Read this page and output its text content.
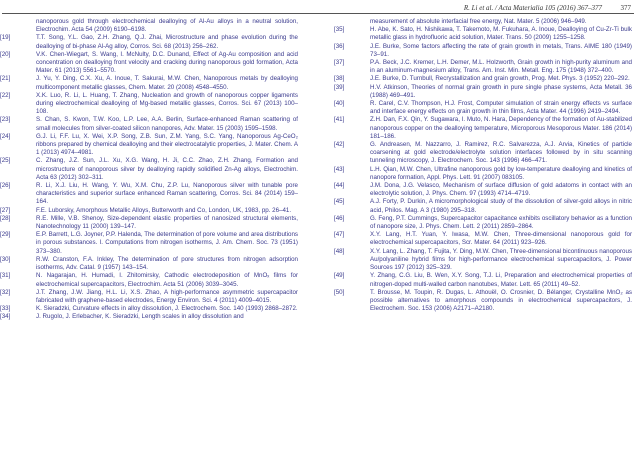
R. Li et al. / Acta Materialia 105 (2016) 367–377	377
nanoporous gold through electrochemical dealloying of Al-Au alloys in a neutral solution, Electrochim. Acta 54 (2009) 6190–6198.
[19]	T.T. Song, Y.L. Gao, Z.H. Zhang, Q.J. Zhai, Microstructure and phase evolution during the dealloying of bi-phase Al-Ag alloy, Corros. Sci. 68 (2013) 256–262.
[20]	V.K. Chen-Wiegart, S. Wang, I. McNulty, D.C. Dunand, Effect of Ag-Au composition and acid concentration on dealloying front velocity and cracking during nanoporous gold formation, Acta Mater. 61 (2013) 5561–5570.
[21]	J. Yu, Y. Ding, C.X. Xu, A. Inoue, T. Sakurai, M.W. Chen, Nanoporous metals by dealloying multicomponent metallic glasses, Chem. Mater. 20 (2008) 4548–4550.
[22]	X.K. Luo, R. Li, L. Huang, T. Zhang, Nucleation and growth of nanoporous copper ligaments during electrochemical dealloying of Mg-based metallic glasses, Corros. Sci. 67 (2013) 100–108.
[23]	S. Chan, S. Kwon, T.W. Koo, L.P. Lee, A.A. Berlin, Surface-enhanced Raman scattering of small molecules from silver-coated silicon nanopores, Adv. Mater. 15 (2003) 1595–1598.
[24]	G.J. Li, F.F. Lu, X. Wei, X.P. Song, Z.B. Sun, Z.M. Yang, S.C. Yang, Nanoporous Ag-CeO₂ ribbons prepared by chemical dealloying and their electrocatalytic properties, J. Mater. Chem. A 1 (2013) 4974–4981.
[25]	C. Zhang, J.Z. Sun, J.L. Xu, X.G. Wang, H. Ji, C.C. Zhao, Z.H. Zhang, Formation and microstructure of nanoporous silver by dealloying rapidly solidified Zn-Ag alloys, Electrochim. Acta 63 (2012) 302–311.
[26]	R. Li, X.J. Liu, H. Wang, Y. Wu, X.M. Chu, Z.P. Lu, Nanoporous silver with tunable pore characteristics and superior surface enhanced Raman scattering, Corros. Sci. 84 (2014) 159–164.
[27]	F.E. Luborsky, Amorphous Metallic Alloys, Butterworth and Co, London, UK, 1983, pp. 26–41.
[28]	R.E. Mille, V.B. Shenoy, Size-dependent elastic properties of nanosized structural elements, Nanotechnology 11 (2000) 139–147.
[29]	E.P. Barrett, L.G. Joyner, P.P. Halenda, The determination of pore volume and area distributions in porous substances. I. Computations from nitrogen isotherms, J. Am. Chem. Soc. 73 (1951) 373–380.
[30]	R.W. Cranston, F.A. Inkley, The determination of pore structures from nitrogen adsorption isotherms, Adv. Catal. 9 (1957) 143–154.
[31]	N. Nagarajan, H. Humadi, I. Zhitomirsky, Cathodic electrodeposition of MnOₓ films for electrochemical supercapacitors, Electrochim. Acta 51 (2006) 3039–3045.
[32]	J.T. Zhang, J.W. Jiang, H.L. Li, X.S. Zhao, A high-performance asymmetric supercapacitor fabricated with graphene-based electrodes, Energy Environ. Sci. 4 (2011) 4009–4015.
[33]	K. Sieradzki, Curvature effects in alloy dissolution, J. Electrochem. Soc. 140 (1993) 2868–2872.
[34]	J. Rugolo, J. Erlebacher, K. Sieradzki, Length scales in alloy dissolution and
measurement of absolute interfacial free energy, Nat. Mater. 5 (2006) 946–949.
[35]	H. Abe, K. Sato, H. Nishikawa, T. Takemoto, M. Fukuhara, A. Inoue, Dealloying of Cu-Zr-Ti bulk metallic glass in hydrofluoric acid solution, Mater. Trans. 50 (2009) 1255–1258.
[36]	J.E. Burke, Some factors affecting the rate of grain growth in metals, Trans. AIME 180 (1949) 73–91.
[37]	P.A. Beck, J.C. Kremer, L.H. Demer, M.L. Holzworth, Grain growth in high-purity aluminum and in an aluminum-magnesium alloy, Trans. Am. Inst. Min. Metall. Eng. 175 (1948) 372–400.
[38]	J.E. Burke, D. Turnbull, Recrystallization and grain growth, Prog. Met. Phys. 3 (1952) 220–292.
[39]	H.V. Atkinson, Theories of normal grain growth in pure single phase systems, Acta Metall. 36 (1988) 469–491.
[40]	R. Carel, C.V. Thompson, H.J. Frost, Computer simulation of strain energy effects vs surface and interface energy effects on grain growth in thin films, Acta Mater. 44 (1996) 2419–2494.
[41]	Z.H. Dan, F.X. Qin, Y. Sugawara, I. Muto, N. Hara, Dependency of the formation of Au-stabilized nanoporous copper on the dealloying temperature, Microporous Mesoporous Mater. 186 (2014) 181–186.
[42]	G. Andreasen, M. Nazzarro, J. Ramirez, R.C. Salvarezza, A.J. Arvia, Kinetics of particle coarsening at gold electrode/electrolyte solution interfaces followed by in situ scanning tunneling microscopy, J. Electrochem. Soc. 143 (1996) 466–471.
[43]	L.H. Qian, M.W. Chen, Ultrafine nanoporous gold by low-temperature dealloying and kinetics of nanopore formation, Appl. Phys. Lett. 91 (2007) 083105.
[44]	J.M. Dona, J.G. Velasco, Mechanism of surface diffusion of gold adatoms in contact with an electrolytic solution, J. Phys. Chem. 97 (1993) 4714–4719.
[45]	A.J. Forty, P. Durkin, A micromorphological study of the dissolution of silver-gold alloys in nitric acid, Philos. Mag. A 3 (1980) 295–318.
[46]	G. Feng, P.T. Cummings, Supercapacitor capacitance exhibits oscillatory behavior as a function of nanopore size, J. Phys. Chem. Lett. 2 (2011) 2859–2864.
[47]	X.Y. Lang, H.T. Yuan, Y. Iwasa, M.W. Chen, Three-dimensional nanoporous gold for electrochemical supercapacitors, Scr. Mater. 64 (2011) 923–926.
[48]	X.Y. Lang, L. Zhang, T. Fujita, Y. Ding, M.W. Chen, Three-dimensional bicontinuous nanoporous Au/polyaniline hybrid films for high-performance electrochemical supercapacitors, J. Power Sources 197 (2012) 325–329.
[49]	Y. Zhang, C.G. Liu, B. Wen, X.Y. Song, T.J. Li, Preparation and electrochemical properties of nitrogen-doped multi-walled carbon nanotubes, Mater. Lett. 65 (2011) 49–52.
[50]	T. Brousse, M. Toupin, R. Dugas, L. Athouël, O. Crosnier, D. Bélanger, Crystalline MnO₂ as possible alternatives to amorphous compounds in electrochemical supercapacitors, J. Electrochem. Soc. 153 (2006) A2171–A2180.
